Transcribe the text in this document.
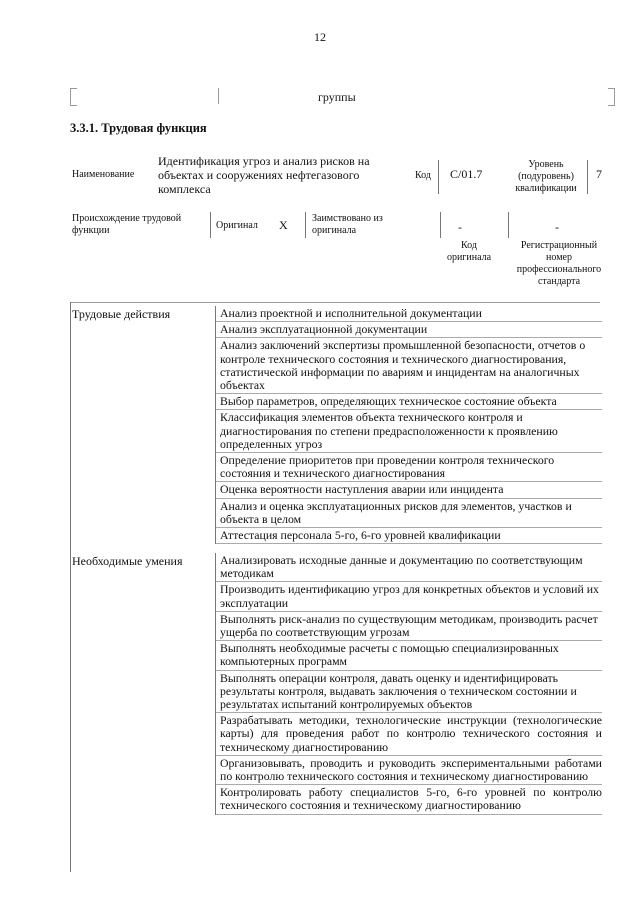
12
группы
3.3.1. Трудовая функция
Наименование
Идентификация угроз и анализ рисков на объектах и сооружениях нефтегазового комплекса
Код C/01.7
Уровень (подуровень) квалификации
7
Происхождение трудовой функции	Оригинал X Заимствовано из оригинала	-	-
Код оригинала
Регистрационный номер профессионального стандарта
Трудовые действия	Анализ проектной и исполнительной документации
Анализ эксплуатационной документации
Анализ заключений экспертизы промышленной безопасности, отчетов о контроле технического состояния и технического диагностирования, статистической информации по авариям и инцидентам на аналогичных объектах
Выбор параметров, определяющих техническое состояние объекта
Классификация элементов объекта технического контроля и диагностирования по степени предрасположенности к проявлению определенных угроз
Определение приоритетов при проведении контроля технического состояния и технического диагностирования
Оценка вероятности наступления аварии или инцидента
Анализ и оценка эксплуатационных рисков для элементов, участков и объекта в целом
Аттестация персонала 5-го, 6-го уровней квалификации
Необходимые умения	Анализировать исходные данные и документацию по соответствующим методикам
Производить идентификацию угроз для конкретных объектов и условий их эксплуатации
Выполнять риск-анализ по существующим методикам, производить расчет ущерба по соответствующим угрозам
Выполнять необходимые расчеты с помощью специализированных компьютерных программ
Выполнять операции контроля, давать оценку и идентифицировать результаты контроля, выдавать заключения о техническом состоянии и результатах испытаний контролируемых объектов
Разрабатывать методики, технологические инструкции (технологические карты) для проведения работ по контролю технического состояния и техническому диагностированию
Организовывать, проводить и руководить экспериментальными работами по контролю технического состояния и техническому диагностированию
Контролировать работу специалистов 5-го, 6-го уровней по контролю технического состояния и техническому диагностированию
